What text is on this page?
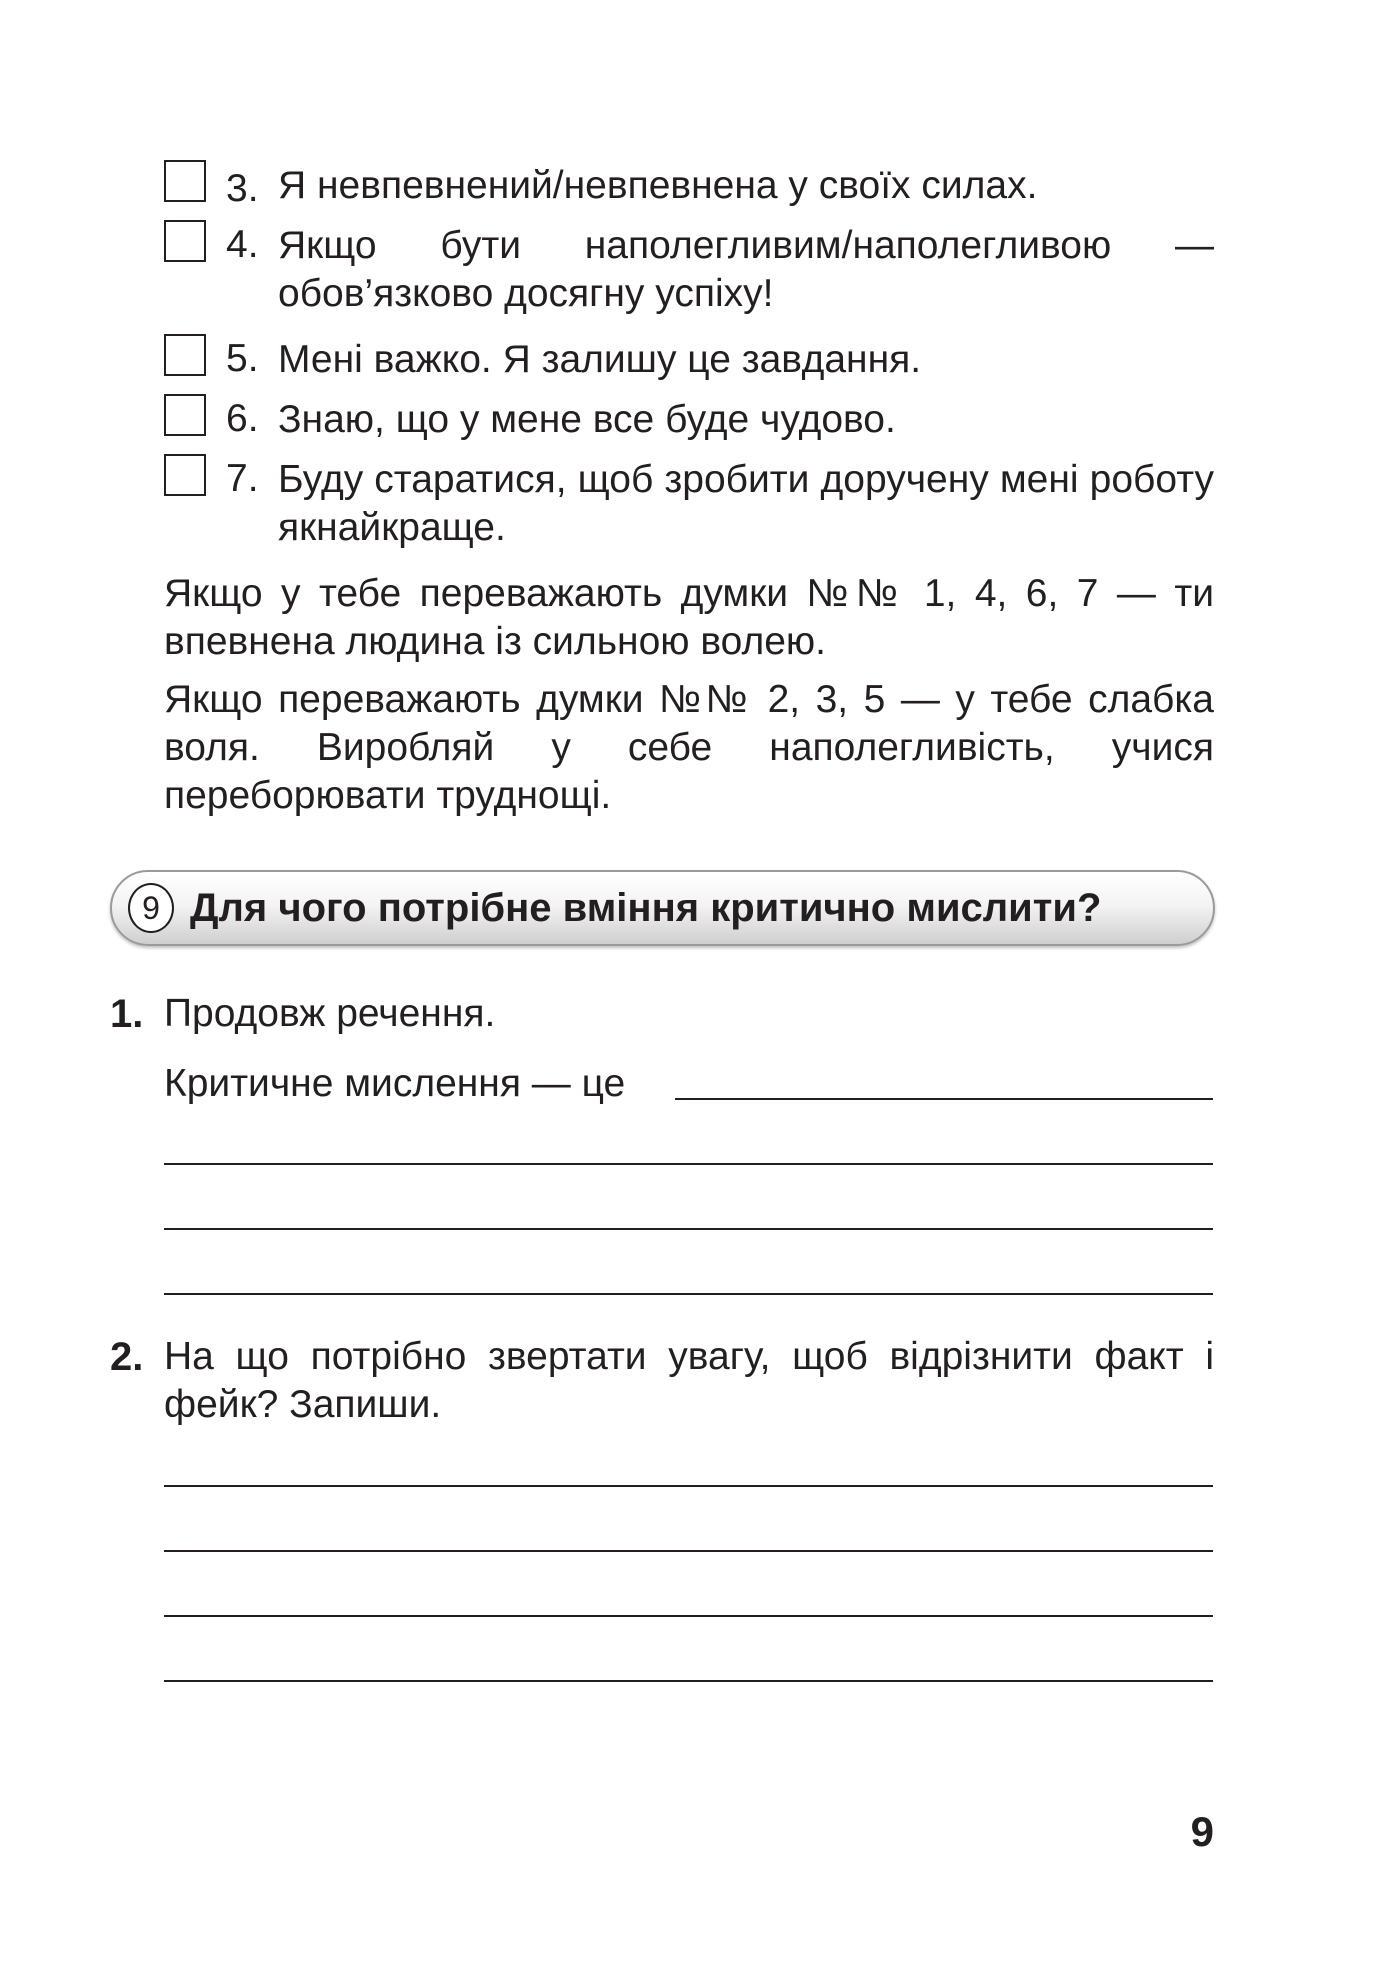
3. Я невпевнений/невпевнена у своїх силах.
4. Якщо бути наполегливим/наполегливою — обов’язково досягну успіху!
5. Мені важко. Я залишу це завдання.
6. Знаю, що у мене все буде чудово.
7. Буду старатися, щоб зробити доручену мені роботу якнайкраще.

Якщо у тебе переважають думки №№ 1, 4, 6, 7 — ти впевнена людина із сильною волею.

Якщо переважають думки №№ 2, 3, 5 — у тебе слабка воля. Виробляй у себе наполегливість, учися переборювати труднощі.

9 Для чого потрібне вміння критично мислити?
1. Продовж речення.
Критичне мислення — це
2. На що потрібно звертати увагу, щоб відрізнити факт і фейк? Запиши.
9
